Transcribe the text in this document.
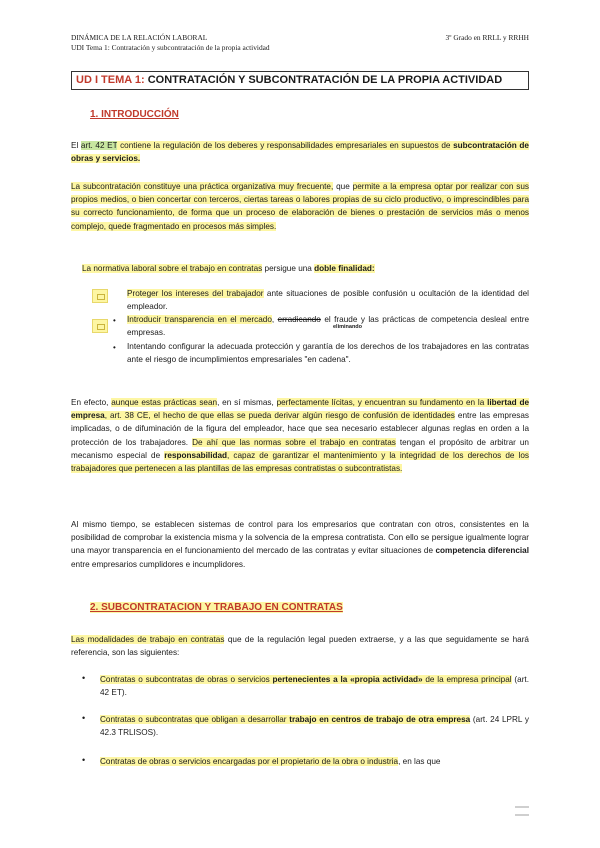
DINÁMICA DE LA RELACIÓN LABORAL	3º Grado en RRLL y RRHH
UDI Tema 1: Contratación y subcontratación de la propia actividad
UD I TEMA 1: CONTRATACIÓN Y SUBCONTRATACIÓN DE LA PROPIA ACTIVIDAD
1. INTRODUCCIÓN

El art. 42 ET contiene la regulación de los deberes y responsabilidades empresariales en supuestos de subcontratación de obras y servicios.

La subcontratación constituye una práctica organizativa muy frecuente, que permite a la empresa optar por realizar con sus propios medios, o bien concertar con terceros, ciertas tareas o labores propias de su ciclo productivo, o imprescindibles para su correcto funcionamiento, de forma que un proceso de elaboración de bienes o prestación de servicios más o menos complejo, quede fragmentado en procesos más simples.

La normativa laboral sobre el trabajo en contratas persigue una doble finalidad:

Proteger los intereses del trabajador ante situaciones de posible confusión u ocultación de la identidad del empleador.
• Introducir transparencia en el mercado, erradicando el fraude y las prácticas de competencia desleal entre empresas.
eliminando
• Intentando configurar la adecuada protección y garantía de los derechos de los trabajadores en las contratas ante el riesgo de incumplimientos empresariales "en cadena".

En efecto, aunque estas prácticas sean, en sí mismas, perfectamente lícitas, y encuentran su fundamento en la libertad de empresa, art. 38 CE, el hecho de que ellas se pueda derivar algún riesgo de confusión de identidades entre las empresas implicadas, o de difuminación de la figura del empleador, hace que sea necesario establecer algunas reglas en orden a la protección de los trabajadores. De ahí que las normas sobre el trabajo en contratas tengan el propósito de arbitrar un mecanismo especial de responsabilidad, capaz de garantizar el mantenimiento y la integridad de los derechos de los trabajadores que pertenecen a las plantillas de las empresas contratistas o subcontratistas.

Al mismo tiempo, se establecen sistemas de control para los empresarios que contratan con otros, consistentes en la posibilidad de comprobar la existencia misma y la solvencia de la empresa contratista. Con ello se persigue igualmente lograr una mayor transparencia en el funcionamiento del mercado de las contratas y evitar situaciones de competencia diferencial entre empresarios cumplidores e incumplidores.

2. SUBCONTRATACION Y TRABAJO EN CONTRATAS

Las modalidades de trabajo en contratas que de la regulación legal pueden extraerse, y a las que seguidamente se hará referencia, son las siguientes:

• Contratas o subcontratas de obras o servicios pertenecientes a la «propia actividad» de la empresa principal (art. 42 ET).
• Contratas o subcontratas que obligan a desarrollar trabajo en centros de trabajo de otra empresa (art. 24 LPRL y 42.3 TRLISOS).
• Contratas de obras o servicios encargadas por el propietario de la obra o industria, en las que
